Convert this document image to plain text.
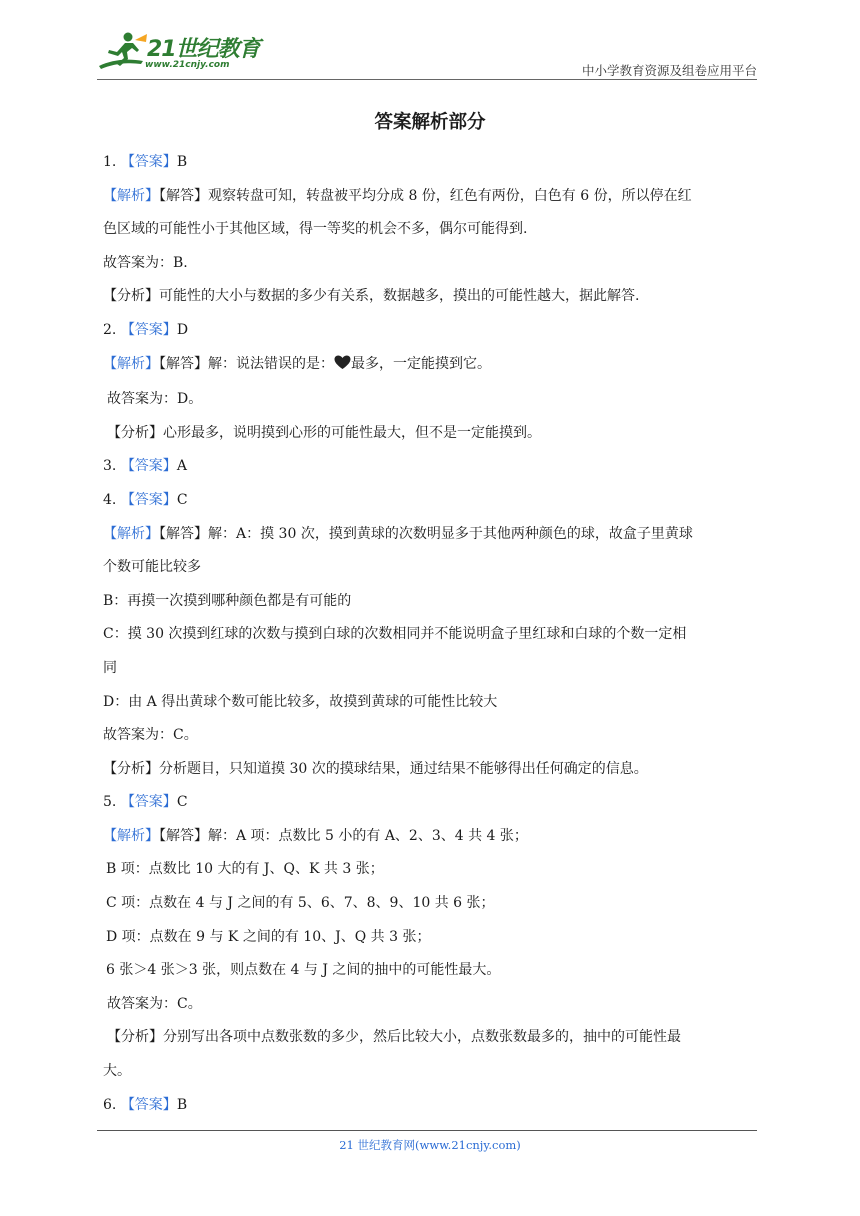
21世纪教育
www.21cnjy.com	中小学教育资源及组卷应用平台
答案解析部分
1. 【答案】B
【解析】【解答】观察转盘可知，转盘被平均分成 8 份，红色有两份，白色有 6 份，所以停在红
色区域的可能性小于其他区域，得一等奖的机会不多，偶尔可能得到.
故答案为：B.
【分析】可能性的大小与数据的多少有关系，数据越多，摸出的可能性越大，据此解答.
2. 【答案】D
【解析】【解答】解：说法错误的是： 最多，一定能摸到它。
故答案为：D。
【分析】心形最多，说明摸到心形的可能性最大，但不是一定能摸到。
3. 【答案】A
4. 【答案】C
【解析】【解答】解：A：摸 30 次，摸到黄球的次数明显多于其他两种颜色的球，故盒子里黄球
个数可能比较多
B：再摸一次摸到哪种颜色都是有可能的
C：摸 30 次摸到红球的次数与摸到白球的次数相同并不能说明盒子里红球和白球的个数一定相
同
D：由 A 得出黄球个数可能比较多，故摸到黄球的可能性比较大
故答案为：C。
【分析】分析题目，只知道摸 30 次的摸球结果，通过结果不能够得出任何确定的信息。
5. 【答案】C
【解析】【解答】解：A 项：点数比 5 小的有 A、2、3、4 共 4 张；
B 项：点数比 10 大的有 J、Q、K 共 3 张；
C 项：点数在 4 与 J 之间的有 5、6、7、8、9、10 共 6 张；
D 项：点数在 9 与 K 之间的有 10、J、Q 共 3 张；
6 张＞4 张＞3 张，则点数在 4 与 J 之间的抽中的可能性最大。
故答案为：C。
【分析】分别写出各项中点数张数的多少，然后比较大小，点数张数最多的，抽中的可能性最
大。
6. 【答案】B
21 世纪教育网(www.21cnjy.com)
